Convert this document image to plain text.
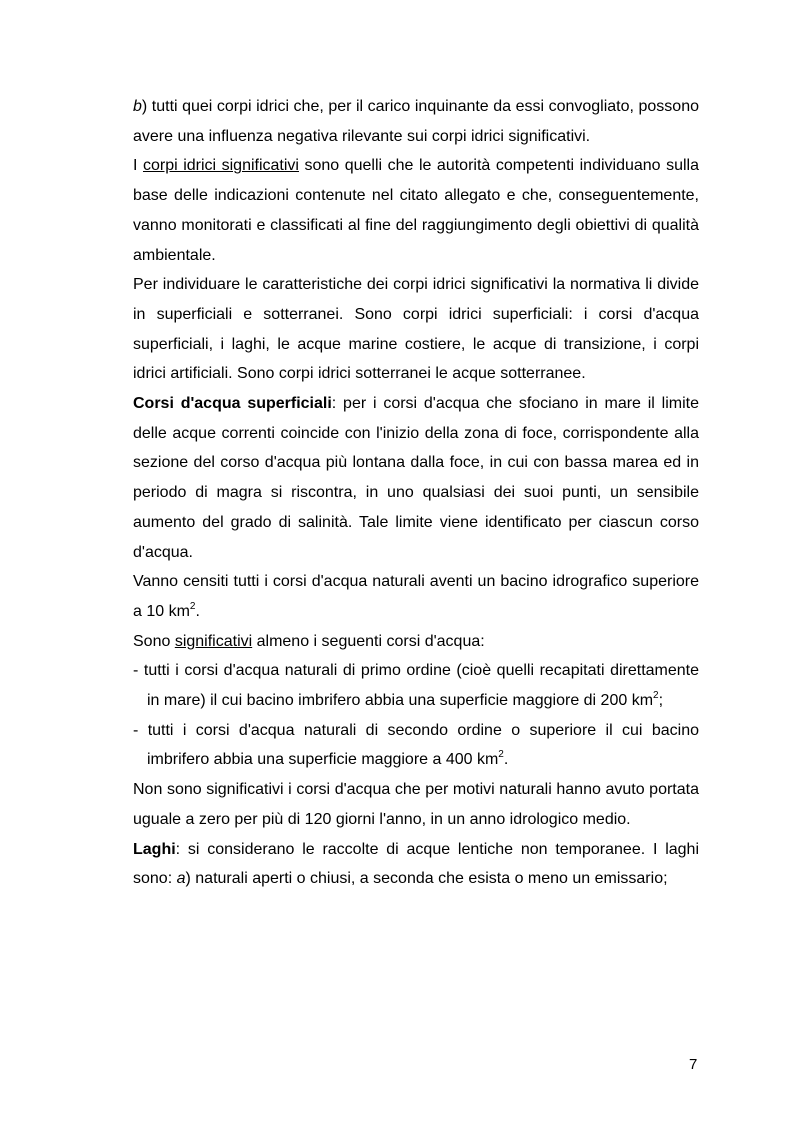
b) tutti quei corpi idrici che, per il carico inquinante da essi convogliato, possono avere una influenza negativa rilevante sui corpi idrici significativi.

I corpi idrici significativi sono quelli che le autorità competenti individuano sulla base delle indicazioni contenute nel citato allegato e che, conseguentemente, vanno monitorati e classificati al fine del raggiungimento degli obiettivi di qualità ambientale.

Per individuare le caratteristiche dei corpi idrici significativi la normativa li divide in superficiali e sotterranei. Sono corpi idrici superficiali: i corsi d'acqua superficiali, i laghi, le acque marine costiere, le acque di transizione, i corpi idrici artificiali. Sono corpi idrici sotterranei le acque sotterranee.

Corsi d'acqua superficiali: per i corsi d'acqua che sfociano in mare il limite delle acque correnti coincide con l'inizio della zona di foce, corrispondente alla sezione del corso d'acqua più lontana dalla foce, in cui con bassa marea ed in periodo di magra si riscontra, in uno qualsiasi dei suoi punti, un sensibile aumento del grado di salinità. Tale limite viene identificato per ciascun corso d'acqua.

Vanno censiti tutti i corsi d'acqua naturali aventi un bacino idrografico superiore a 10 $km^2$.

Sono significativi almeno i seguenti corsi d'acqua:

- tutti i corsi d'acqua naturali di primo ordine (cioè quelli recapitati direttamente in mare) il cui bacino imbrifero abbia una superficie maggiore di 200 $km^2$;

- tutti i corsi d'acqua naturali di secondo ordine o superiore il cui bacino imbrifero abbia una superficie maggiore a 400 $km^2$.

Non sono significativi i corsi d'acqua che per motivi naturali hanno avuto portata uguale a zero per più di 120 giorni l'anno, in un anno idrologico medio.

Laghi: si considerano le raccolte di acque lentiche non temporanee. I laghi sono: a) naturali aperti o chiusi, a seconda che esista o meno un emissario;

7
